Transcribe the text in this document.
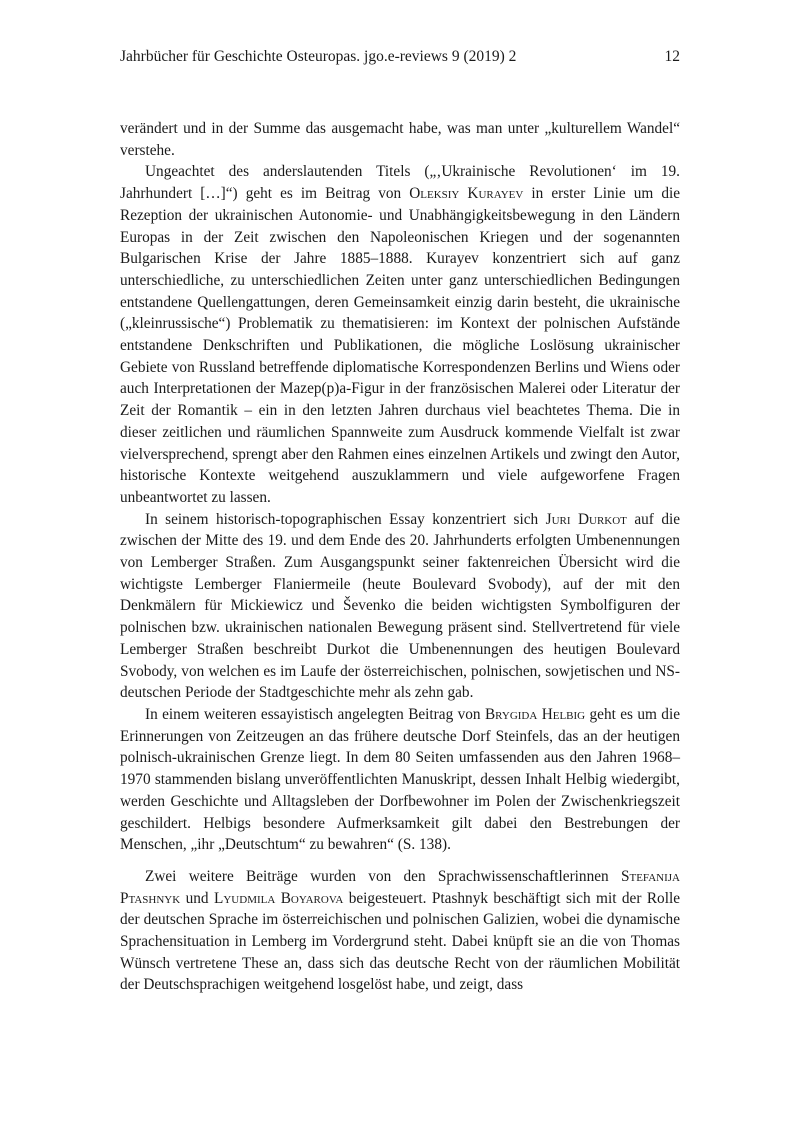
Jahrbücher für Geschichte Osteuropas. jgo.e-reviews 9 (2019) 2	12

verändert und in der Summe das ausgemacht habe, was man unter „kulturellem Wandel“ verstehe.

Ungeachtet des anderslautenden Titels („‚Ukrainische Revolutionen‘ im 19. Jahrhundert […]“) geht es im Beitrag von Oleksiy Kurayev in erster Linie um die Rezeption der ukrainischen Autonomie- und Unabhängigkeitsbewegung in den Ländern Europas in der Zeit zwischen den Napoleonischen Kriegen und der sogenannten Bulgarischen Krise der Jahre 1885–1888. Kurayev konzentriert sich auf ganz unterschiedliche, zu unterschiedlichen Zeiten unter ganz unterschiedlichen Bedingungen entstandene Quellengattungen, deren Gemeinsamkeit einzig darin besteht, die ukrainische („kleinrussische“) Problematik zu thematisieren: im Kontext der polnischen Aufstände entstandene Denkschriften und Publikationen, die mögliche Loslösung ukrainischer Gebiete von Russland betreffende diplomatische Korrespondenzen Berlins und Wiens oder auch Interpretationen der Mazep(p)a-Figur in der französischen Malerei oder Literatur der Zeit der Romantik – ein in den letzten Jahren durchaus viel beachtetes Thema. Die in dieser zeitlichen und räumlichen Spannweite zum Ausdruck kommende Vielfalt ist zwar vielversprechend, sprengt aber den Rahmen eines einzelnen Artikels und zwingt den Autor, historische Kontexte weitgehend auszuklammern und viele aufgeworfene Fragen unbeantwortet zu lassen.

In seinem historisch-topographischen Essay konzentriert sich Juri Durkot auf die zwischen der Mitte des 19. und dem Ende des 20. Jahrhunderts erfolgten Umbenennungen von Lemberger Straßen. Zum Ausgangspunkt seiner faktenreichen Übersicht wird die wichtigste Lemberger Flaniermeile (heute Boulevard Svobody), auf der mit den Denkmälern für Mickiewicz und Ševenko die beiden wichtigsten Symbolfiguren der polnischen bzw. ukrainischen nationalen Bewegung präsent sind. Stellvertretend für viele Lemberger Straßen beschreibt Durkot die Umbenennungen des heutigen Boulevard Svobody, von welchen es im Laufe der österreichischen, polnischen, sowjetischen und NS-deutschen Periode der Stadtgeschichte mehr als zehn gab.

In einem weiteren essayistisch angelegten Beitrag von Brygida Helbig geht es um die Erinnerungen von Zeitzeugen an das frühere deutsche Dorf Steinfels, das an der heutigen polnisch-ukrainischen Grenze liegt. In dem 80 Seiten umfassenden aus den Jahren 1968–1970 stammenden bislang unveröffentlichten Manuskript, dessen Inhalt Helbig wiedergibt, werden Geschichte und Alltagsleben der Dorfbewohner im Polen der Zwischenkriegszeit geschildert. Helbigs besondere Aufmerksamkeit gilt dabei den Bestrebungen der Menschen, „ihr „Deutschtum“ zu bewahren“ (S. 138).

Zwei weitere Beiträge wurden von den Sprachwissenschaftlerinnen Stefanija Ptashnyk und Lyudmila Boyarova beigesteuert. Ptashnyk beschäftigt sich mit der Rolle der deutschen Sprache im österreichischen und polnischen Galizien, wobei die dynamische Sprachensituation in Lemberg im Vordergrund steht. Dabei knüpft sie an die von Thomas Wünsch vertretene These an, dass sich das deutsche Recht von der räumlichen Mobilität der Deutschsprachigen weitgehend losgelöst habe, und zeigt, dass
